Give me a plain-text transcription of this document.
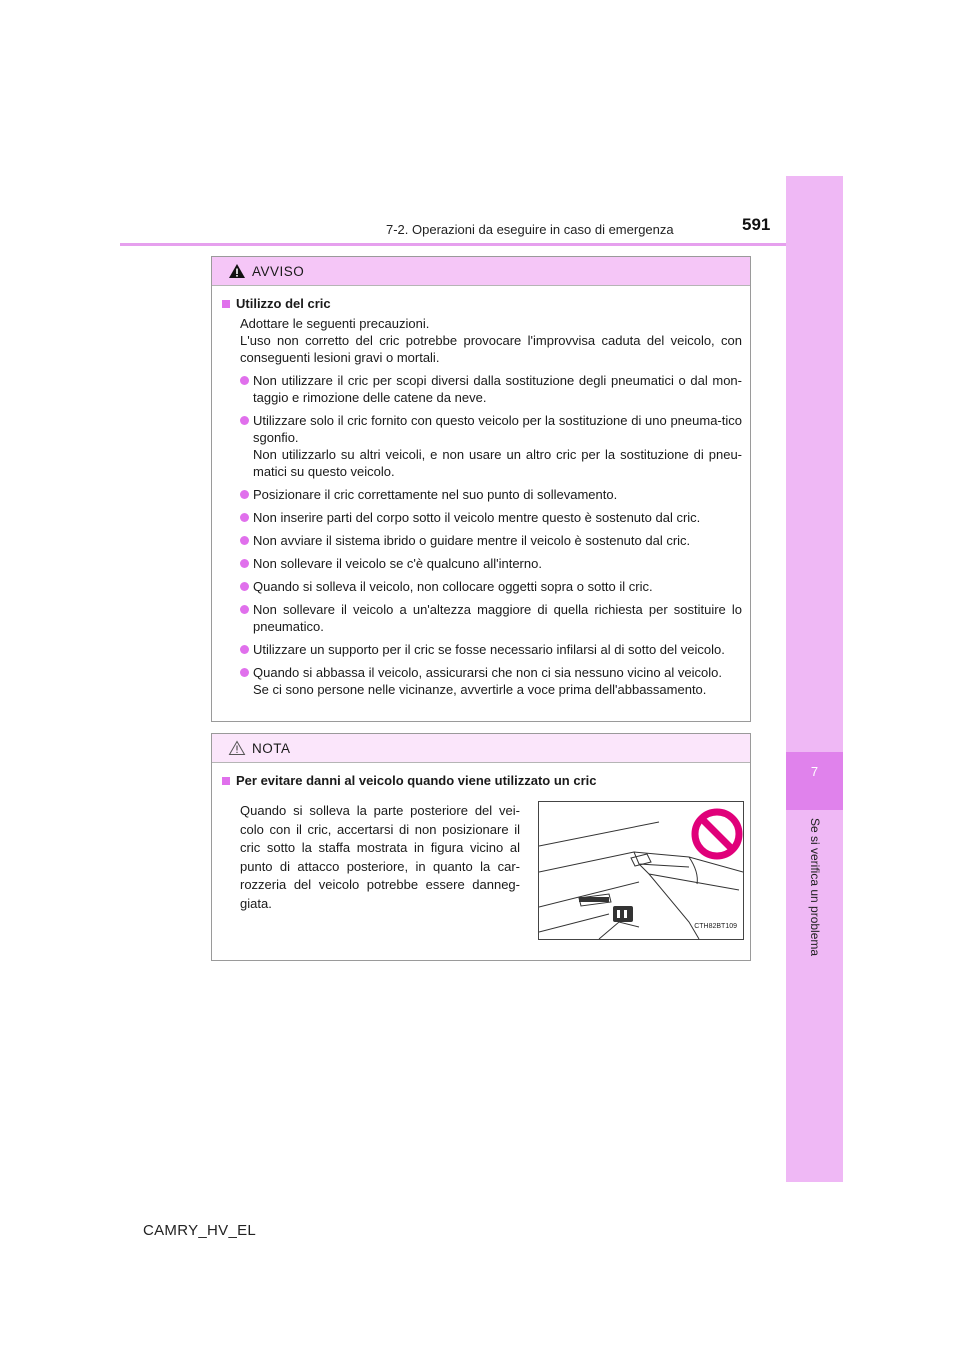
7
Se si verifica un problema
7-2. Operazioni da eseguire in caso di emergenza	591
AVVISO
Utilizzo del cric
Adottare le seguenti precauzioni.
L'uso non corretto del cric potrebbe provocare l'improvvisa caduta del veicolo, con conseguenti lesioni gravi o mortali.
Non utilizzare il cric per scopi diversi dalla sostituzione degli pneumatici o dal mon-taggio e rimozione delle catene da neve.
Utilizzare solo il cric fornito con questo veicolo per la sostituzione di uno pneuma-tico sgonfio.
Non utilizzarlo su altri veicoli, e non usare un altro cric per la sostituzione di pneu-matici su questo veicolo.
Posizionare il cric correttamente nel suo punto di sollevamento.
Non inserire parti del corpo sotto il veicolo mentre questo è sostenuto dal cric.
Non avviare il sistema ibrido o guidare mentre il veicolo è sostenuto dal cric.
Non sollevare il veicolo se c'è qualcuno all'interno.
Quando si solleva il veicolo, non collocare oggetti sopra o sotto il cric.
Non sollevare il veicolo a un'altezza maggiore di quella richiesta per sostituire lo pneumatico.
Utilizzare un supporto per il cric se fosse necessario infilarsi al di sotto del veicolo.
Quando si abbassa il veicolo, assicurarsi che non ci sia nessuno vicino al veicolo.
Se ci sono persone nelle vicinanze, avvertirle a voce prima dell'abbassamento.
NOTA
Per evitare danni al veicolo quando viene utilizzato un cric
Quando si solleva la parte posteriore del vei-colo con il cric, accertarsi di non posizionare il cric sotto la staffa mostrata in figura vicino al punto di attacco posteriore, in quanto la car-rozzeria del veicolo potrebbe essere danneg-giata.
CTH82BT109
CAMRY_HV_EL
